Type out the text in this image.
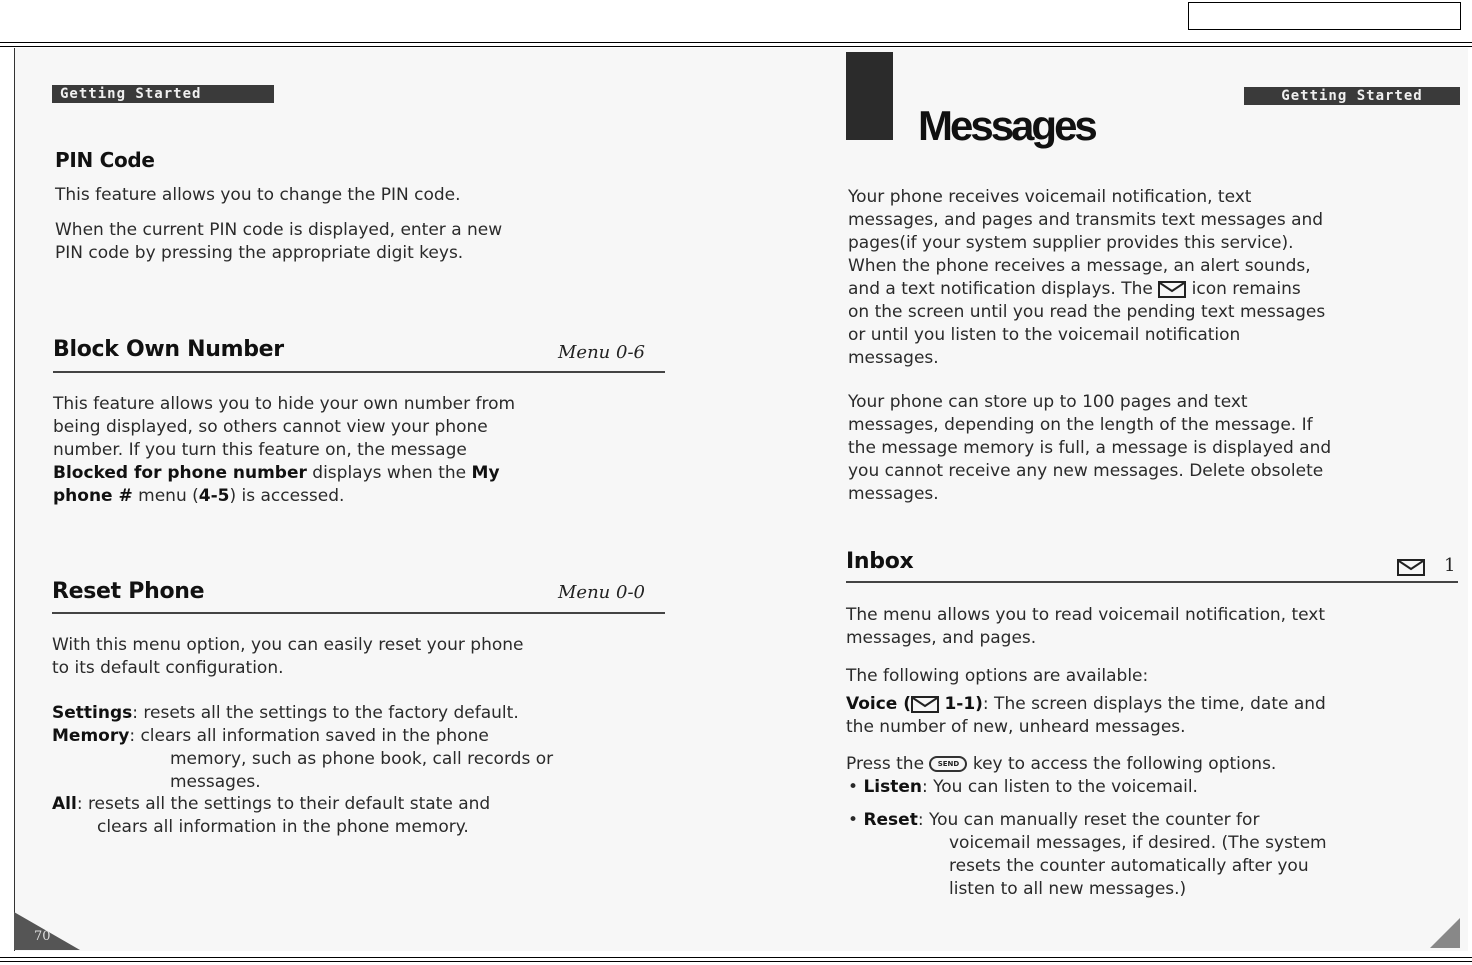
Getting Started
PIN Code
This feature allows you to change the PIN code.
When the current PIN code is displayed, enter a new
PIN code by pressing the appropriate digit keys.
Block Own Number	Menu 0-6
This feature allows you to hide your own number from
being displayed, so others cannot view your phone
number. If you turn this feature on, the message
Blocked for phone number displays when the My
phone # menu (4-5) is accessed.
Reset Phone	Menu 0-0
With this menu option, you can easily reset your phone
to its default configuration.
Settings: resets all the settings to the factory default.
Memory: clears all information saved in the phone
memory, such as phone book, call records or
messages.
All: resets all the settings to their default state and
clears all information in the phone memory.
70
Getting Started
Messages
Your phone receives voicemail notification, text
messages, and pages and transmits text messages and
pages(if your system supplier provides this service).
When the phone receives a message, an alert sounds,
and a text notification displays. The icon remains
on the screen until you read the pending text messages
or until you listen to the voicemail notification
messages.
Your phone can store up to 100 pages and text
messages, depending on the length of the message. If
the message memory is full, a message is displayed and
you cannot receive any new messages. Delete obsolete
messages.
Inbox	1
The menu allows you to read voicemail notification, text
messages, and pages.
The following options are available:
Voice ( 1-1): The screen displays the time, date and
the number of new, unheard messages.
Press the SEND key to access the following options.
• Listen: You can listen to the voicemail.
• Reset: You can manually reset the counter for
voicemail messages, if desired. (The system
resets the counter automatically after you
listen to all new messages.)
